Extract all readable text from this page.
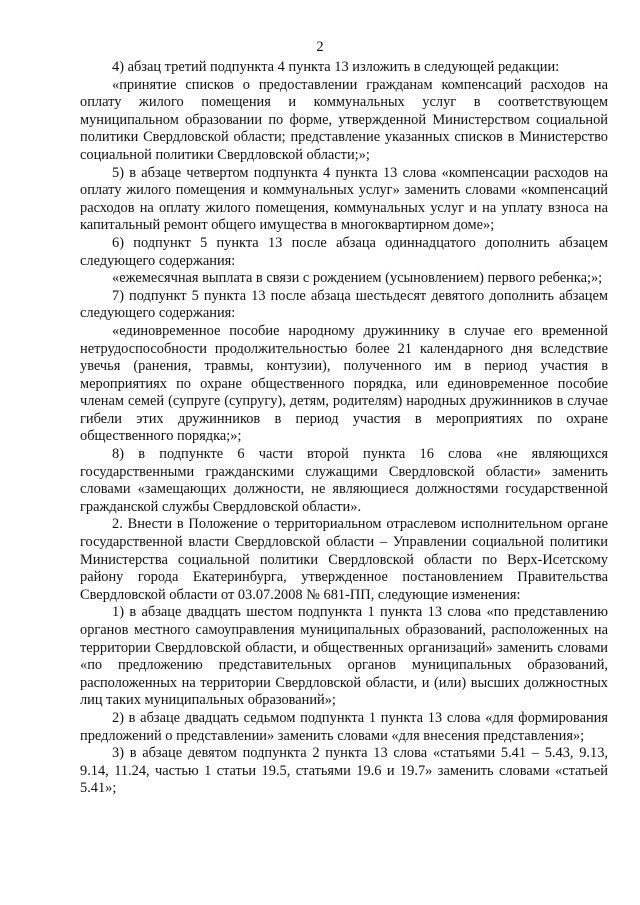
2

4) абзац третий подпункта 4 пункта 13 изложить в следующей редакции:

«принятие списков о предоставлении гражданам компенсаций расходов на оплату жилого помещения и коммунальных услуг в соответствующем муниципальном образовании по форме, утвержденной Министерством социальной политики Свердловской области; представление указанных списков в Министерство социальной политики Свердловской области;»;

5) в абзаце четвертом подпункта 4 пункта 13 слова «компенсации расходов на оплату жилого помещения и коммунальных услуг» заменить словами «компенсаций расходов на оплату жилого помещения, коммунальных услуг и на уплату взноса на капитальный ремонт общего имущества в многоквартирном доме»;

6) подпункт 5 пункта 13 после абзаца одиннадцатого дополнить абзацем следующего содержания:

«ежемесячная выплата в связи с рождением (усыновлением) первого ребенка;»;

7) подпункт 5 пункта 13 после абзаца шестьдесят девятого дополнить абзацем следующего содержания:

«единовременное пособие народному дружиннику в случае его временной нетрудоспособности продолжительностью более 21 календарного дня вследствие увечья (ранения, травмы, контузии), полученного им в период участия в мероприятиях по охране общественного порядка, или единовременное пособие членам семей (супруге (супругу), детям, родителям) народных дружинников в случае гибели этих дружинников в период участия в мероприятиях по охране общественного порядка;»;

8) в подпункте 6 части второй пункта 16 слова «не являющихся государственными гражданскими служащими Свердловской области» заменить словами «замещающих должности, не являющиеся должностями государственной гражданской службы Свердловской области».

2. Внести в Положение о территориальном отраслевом исполнительном органе государственной власти Свердловской области – Управлении социальной политики Министерства социальной политики Свердловской области по Верх-Исетскому району города Екатеринбурга, утвержденное постановлением Правительства Свердловской области от 03.07.2008 № 681-ПП, следующие изменения:

1) в абзаце двадцать шестом подпункта 1 пункта 13 слова «по представлению органов местного самоуправления муниципальных образований, расположенных на территории Свердловской области, и общественных организаций» заменить словами «по предложению представительных органов муниципальных образований, расположенных на территории Свердловской области, и (или) высших должностных лиц таких муниципальных образований»;

2) в абзаце двадцать седьмом подпункта 1 пункта 13 слова «для формирования предложений о представлении» заменить словами «для внесения представления»;

3) в абзаце девятом подпункта 2 пункта 13 слова «статьями 5.41 – 5.43, 9.13, 9.14, 11.24, частью 1 статьи 19.5, статьями 19.6 и 19.7» заменить словами «статьей 5.41»;
